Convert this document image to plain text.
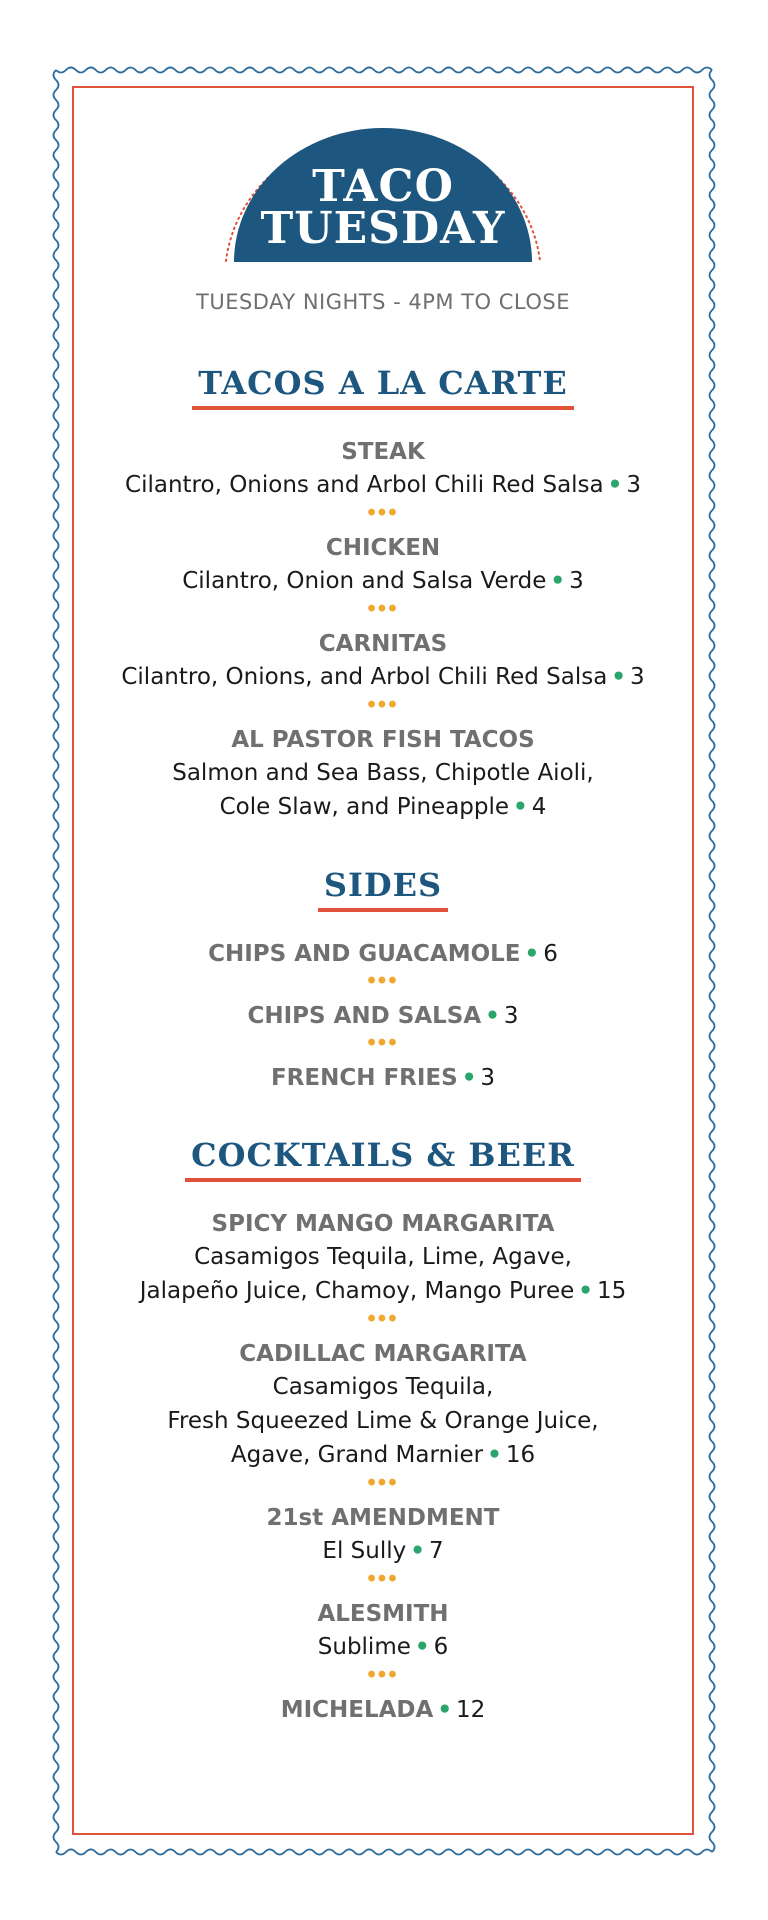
TACO
TUESDAY
TUESDAY NIGHTS - 4PM TO CLOSE
TACOS A LA CARTE
STEAK
Cilantro, Onions and Arbol Chili Red Salsa • 3
•••
CHICKEN
Cilantro, Onion and Salsa Verde • 3
•••
CARNITAS
Cilantro, Onions, and Arbol Chili Red Salsa • 3
•••
AL PASTOR FISH TACOS
Salmon and Sea Bass, Chipotle Aioli,
Cole Slaw, and Pineapple • 4
SIDES
CHIPS AND GUACAMOLE • 6
•••
CHIPS AND SALSA • 3
•••
FRENCH FRIES • 3
COCKTAILS & BEER
SPICY MANGO MARGARITA
Casamigos Tequila, Lime, Agave,
Jalapeño Juice, Chamoy, Mango Puree • 15
•••
CADILLAC MARGARITA
Casamigos Tequila,
Fresh Squeezed Lime & Orange Juice,
Agave, Grand Marnier • 16
•••
21st AMENDMENT
El Sully • 7
•••
ALESMITH
Sublime • 6
•••
MICHELADA • 12
